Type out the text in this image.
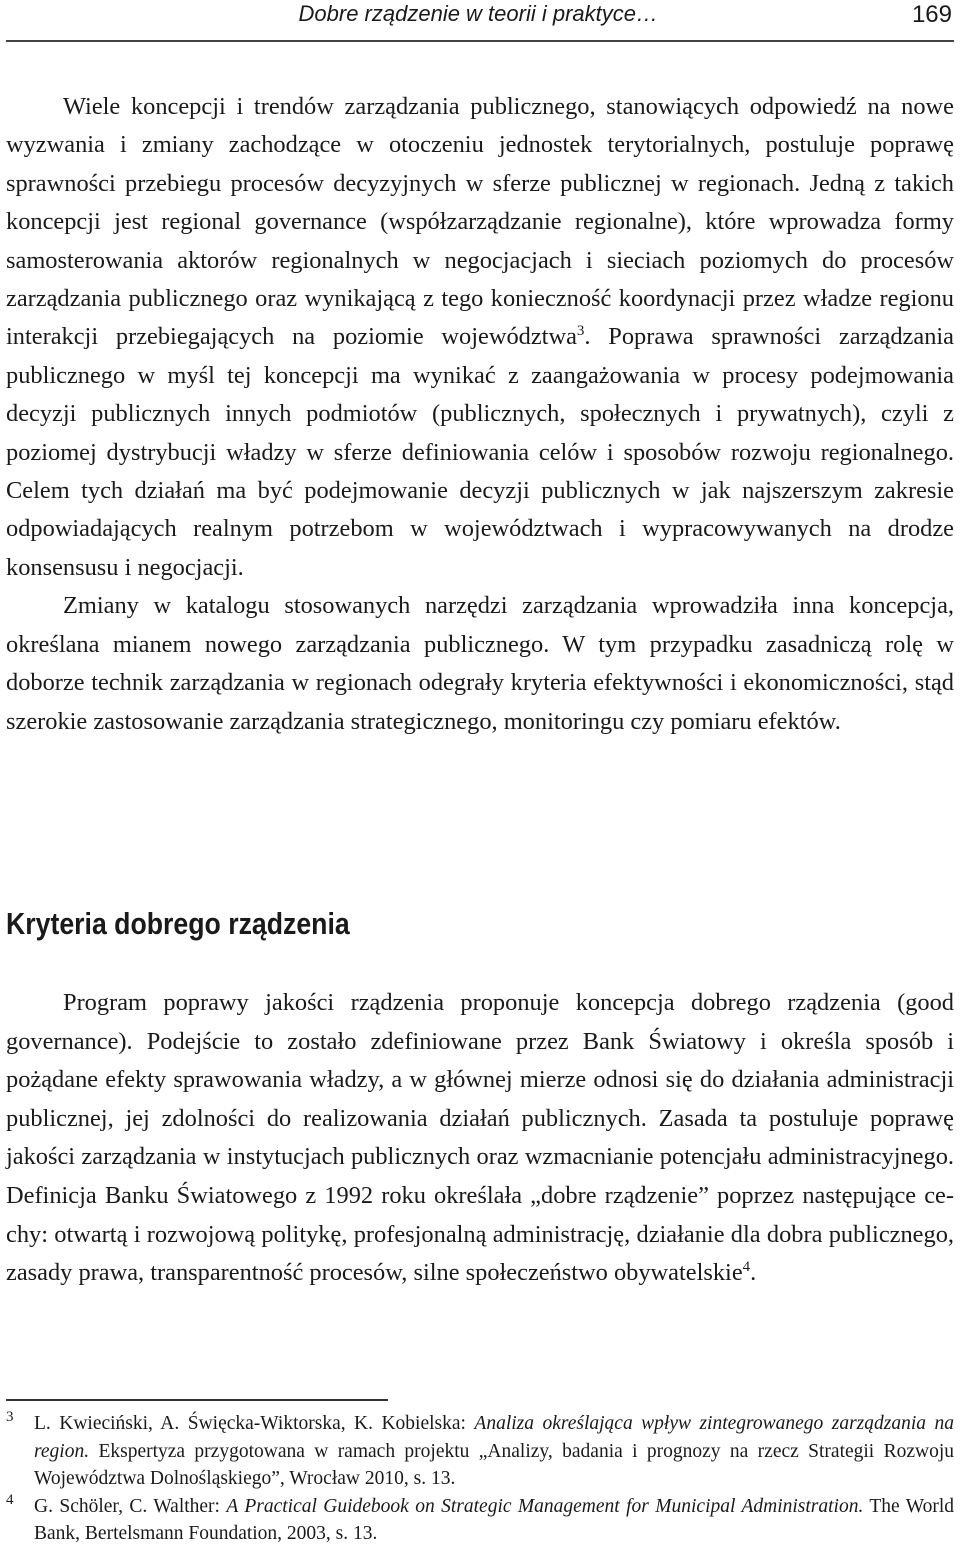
Dobre rządzenie w teorii i praktyce…	169

Wiele koncepcji i trendów zarządzania publicznego, stanowiących odpowiedź na nowe wyzwania i zmiany zachodzące w otoczeniu jednostek terytorialnych, postuluje poprawę sprawności przebiegu procesów decyzyjnych w sferze publicznej w regionach. Jedną z takich koncepcji jest regional governance (współzarządzanie regionalne), które wprowadza formy samosterowania aktorów regionalnych w negocjacjach i sieciach poziomych do procesów zarządzania publicznego oraz wynikającą z tego konieczność koordynacji przez władze regionu interakcji przebiegających na poziomie województwa$^3$. Poprawa sprawności zarządzania publicznego w myśl tej koncepcji ma wynikać z zaangażowania w procesy podejmowania decyzji publicznych innych podmiotów (publicznych, społecznych i prywatnych), czyli z poziomej dystrybucji władzy w sferze definiowania celów i sposobów rozwoju regionalnego. Celem tych działań ma być podejmowanie decyzji publicznych w jak najszerszym zakresie odpowiadających realnym potrzebom w województwach i wypracowywanych na drodze konsensusu i negocjacji.

Zmiany w katalogu stosowanych narzędzi zarządzania wprowadziła inna koncepcja, określana mianem nowego zarządzania publicznego. W tym przypadku zasadniczą rolę w doborze technik zarządzania w regionach odegrały kryteria efektywności i ekonomiczności, stąd szerokie zastosowanie zarządzania strategicznego, monitoringu czy pomiaru efektów.

Kryteria dobrego rządzenia

Program poprawy jakości rządzenia proponuje koncepcja dobrego rządzenia (good governance). Podejście to zostało zdefiniowane przez Bank Światowy i określa sposób i pożądane efekty sprawowania władzy, a w głównej mierze odnosi się do działania administracji publicznej, jej zdolności do realizowania działań publicznych. Zasada ta postuluje poprawę jakości zarządzania w instytucjach publicznych oraz wzmacnianie potencjału administracyjnego. Definicja Banku Światowego z 1992 roku określała „dobre rządzenie” poprzez następujące cechy: otwartą i rozwojową politykę, profesjonalną administrację, działanie dla dobra publicznego, zasady prawa, transparentność procesów, silne społeczeństwo obywatelskie$^4$.

3 L. Kwieciński, A. Święcka-Wiktorska, K. Kobielska: Analiza określająca wpływ zintegrowanego zarządzania na region. Ekspertyza przygotowana w ramach projektu „Analizy, badania i prognozy na rzecz Strategii Rozwoju Województwa Dolnośląskiego”, Wrocław 2010, s. 13.

4 G. Schöler, C. Walther: A Practical Guidebook on Strategic Management for Municipal Administration. The World Bank, Bertelsmann Foundation, 2003, s. 13.
